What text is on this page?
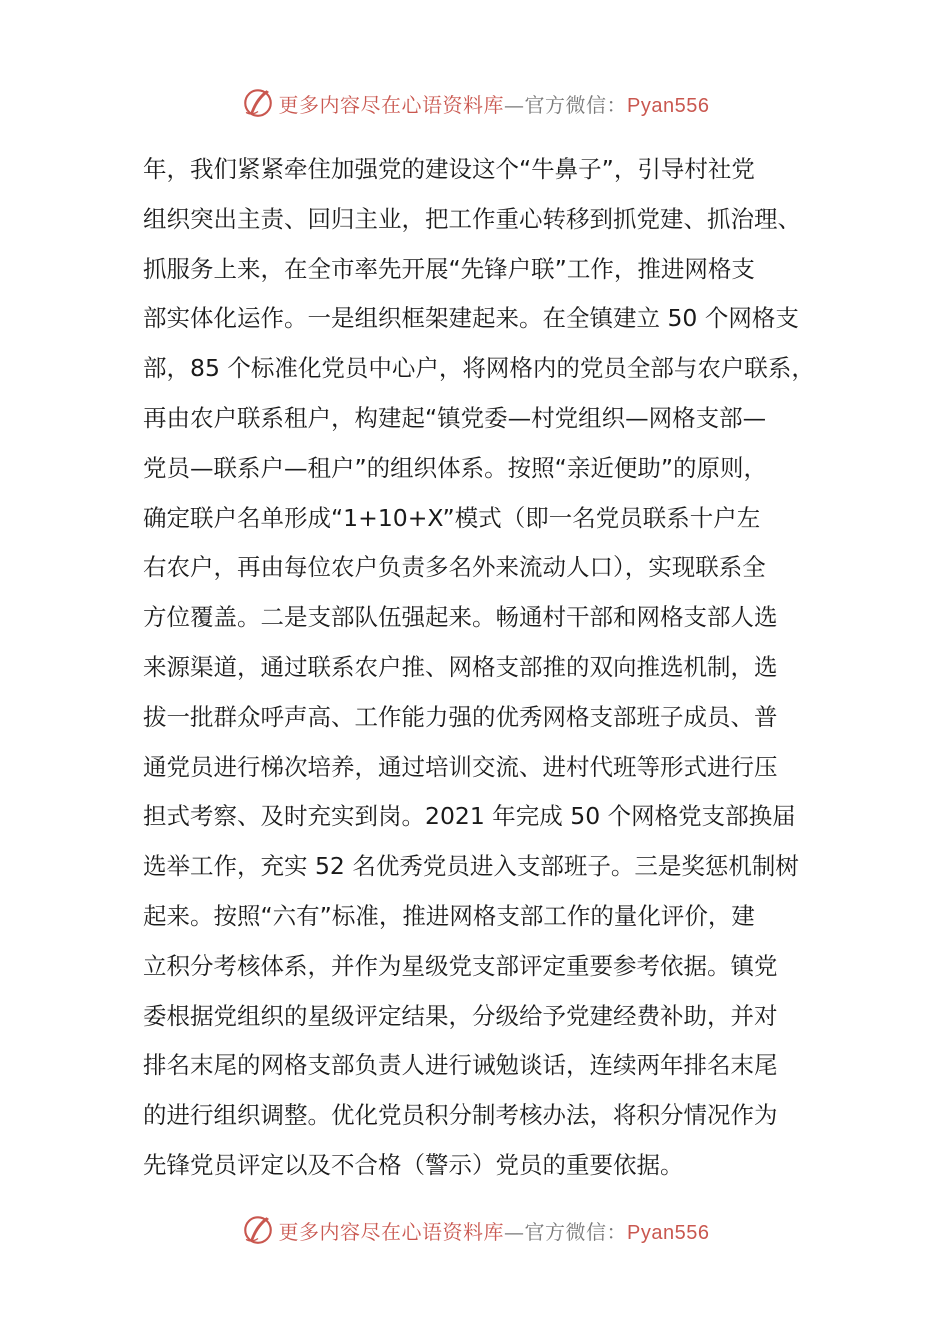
更多内容尽在心语资料库—官方微信：Pyan556
年，我们紧紧牵住加强党的建设这个“牛鼻子”，引导村社党
组织突出主责、回归主业，把工作重心转移到抓党建、抓治理、
抓服务上来，在全市率先开展“先锋户联”工作，推进网格支
部实体化运作。一是组织框架建起来。在全镇建立 50 个网格支
部，85 个标准化党员中心户，将网格内的党员全部与农户联系，
再由农户联系租户，构建起“镇党委—村党组织—网格支部—
党员—联系户—租户”的组织体系。按照“亲近便助”的原则，
确定联户名单形成“1+10+X”模式（即一名党员联系十户左
右农户，再由每位农户负责多名外来流动人口），实现联系全
方位覆盖。二是支部队伍强起来。畅通村干部和网格支部人选
来源渠道，通过联系农户推、网格支部推的双向推选机制，选
拔一批群众呼声高、工作能力强的优秀网格支部班子成员、普
通党员进行梯次培养，通过培训交流、进村代班等形式进行压
担式考察、及时充实到岗。2021 年完成 50 个网格党支部换届
选举工作，充实 52 名优秀党员进入支部班子。三是奖惩机制树
起来。按照“六有”标准，推进网格支部工作的量化评价，建
立积分考核体系，并作为星级党支部评定重要参考依据。镇党
委根据党组织的星级评定结果，分级给予党建经费补助，并对
排名末尾的网格支部负责人进行诫勉谈话，连续两年排名末尾
的进行组织调整。优化党员积分制考核办法，将积分情况作为
先锋党员评定以及不合格（警示）党员的重要依据。
更多内容尽在心语资料库—官方微信：Pyan556
